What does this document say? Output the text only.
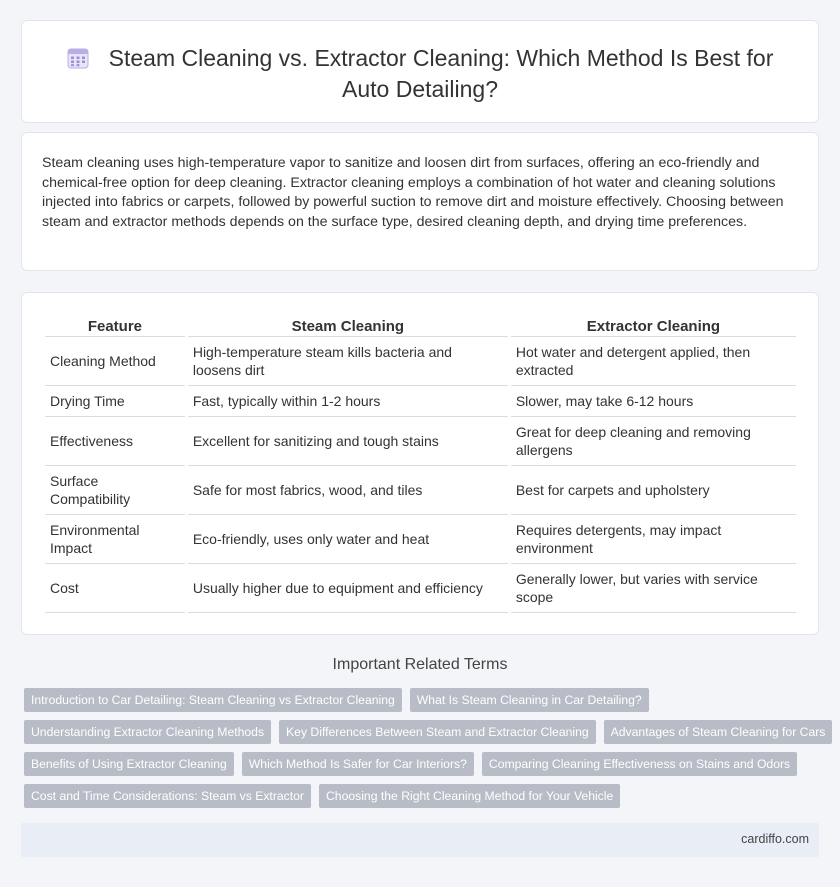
Steam Cleaning vs. Extractor Cleaning: Which Method Is Best for Auto Detailing?

Steam cleaning uses high-temperature vapor to sanitize and loosen dirt from surfaces, offering an eco-friendly and chemical-free option for deep cleaning. Extractor cleaning employs a combination of hot water and cleaning solutions injected into fabrics or carpets, followed by powerful suction to remove dirt and moisture effectively. Choosing between steam and extractor methods depends on the surface type, desired cleaning depth, and drying time preferences.

Feature	Steam Cleaning	Extractor Cleaning
Cleaning Method	High-temperature steam kills bacteria and loosens dirt	Hot water and detergent applied, then extracted
Drying Time	Fast, typically within 1-2 hours	Slower, may take 6-12 hours
Effectiveness	Excellent for sanitizing and tough stains	Great for deep cleaning and removing allergens
Surface Compatibility	Safe for most fabrics, wood, and tiles	Best for carpets and upholstery
Environmental Impact	Eco-friendly, uses only water and heat	Requires detergents, may impact environment
Cost	Usually higher due to equipment and efficiency	Generally lower, but varies with service scope
Important Related Terms
Introduction to Car Detailing: Steam Cleaning vs Extractor Cleaning	What Is Steam Cleaning in Car Detailing?
Understanding Extractor Cleaning Methods	Key Differences Between Steam and Extractor Cleaning	Advantages of Steam Cleaning for Cars
Benefits of Using Extractor Cleaning	Which Method Is Safer for Car Interiors?	Comparing Cleaning Effectiveness on Stains and Odors
Cost and Time Considerations: Steam vs Extractor	Choosing the Right Cleaning Method for Your Vehicle
cardiffo.com
